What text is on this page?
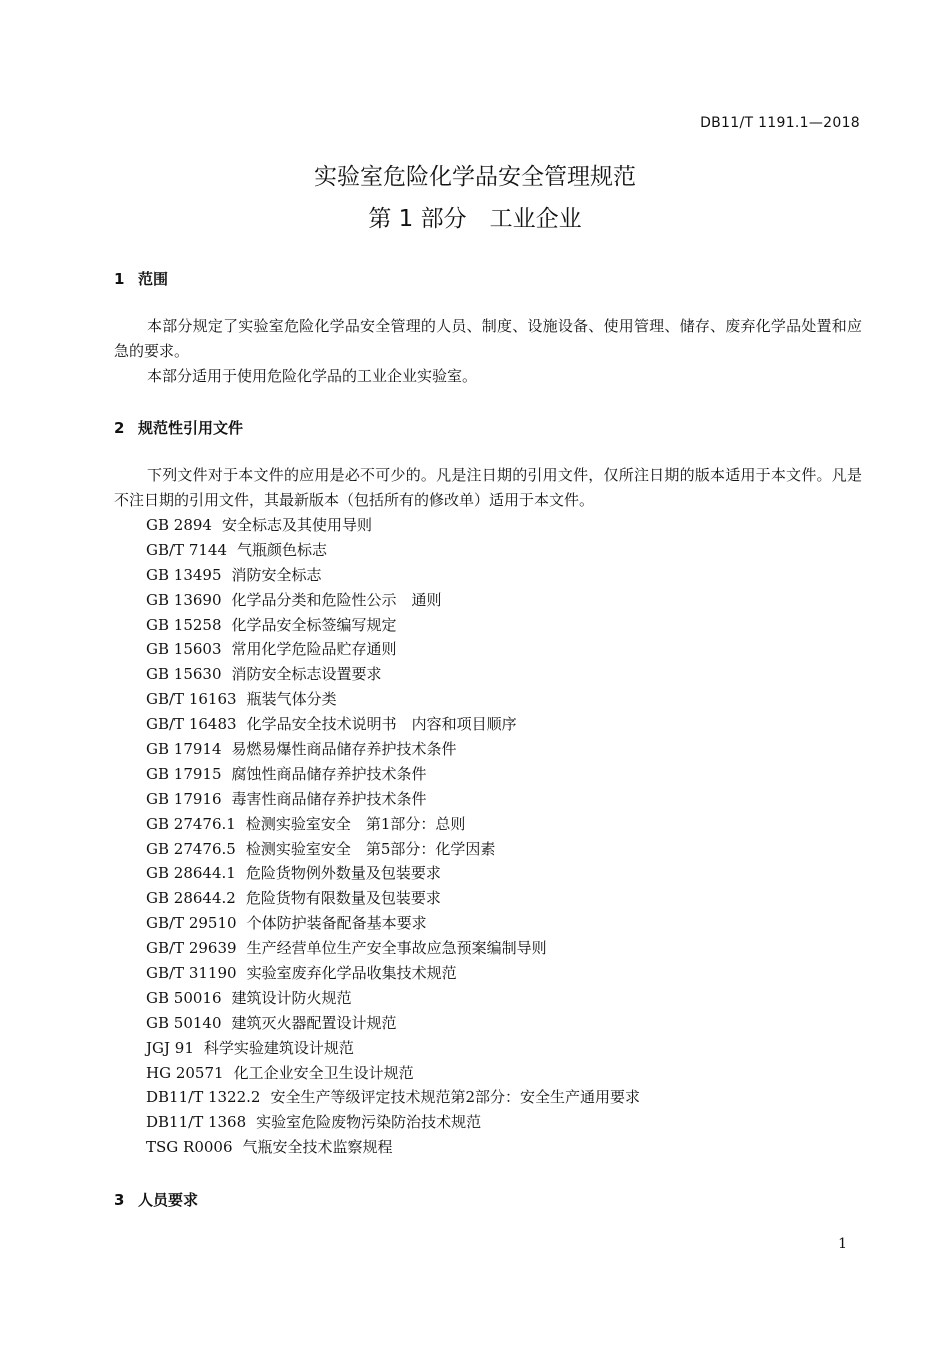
DB11/T 1191.1—2018
实验室危险化学品安全管理规范
第 1 部分　工业企业
1 范围

本部分规定了实验室危险化学品安全管理的人员、制度、设施设备、使用管理、储存、废弃化学品处置和应急的要求。

本部分适用于使用危险化学品的工业企业实验室。

2 规范性引用文件

下列文件对于本文件的应用是必不可少的。凡是注日期的引用文件，仅所注日期的版本适用于本文件。凡是不注日期的引用文件，其最新版本（包括所有的修改单）适用于本文件。

GB 2894 安全标志及其使用导则
GB/T 7144 气瓶颜色标志
GB 13495 消防安全标志
GB 13690 化学品分类和危险性公示　通则
GB 15258 化学品安全标签编写规定
GB 15603 常用化学危险品贮存通则
GB 15630 消防安全标志设置要求
GB/T 16163 瓶装气体分类
GB/T 16483 化学品安全技术说明书　内容和项目顺序
GB 17914 易燃易爆性商品储存养护技术条件
GB 17915 腐蚀性商品储存养护技术条件
GB 17916 毒害性商品储存养护技术条件
GB 27476.1 检测实验室安全　第1部分：总则
GB 27476.5 检测实验室安全　第5部分：化学因素
GB 28644.1 危险货物例外数量及包装要求
GB 28644.2 危险货物有限数量及包装要求
GB/T 29510 个体防护装备配备基本要求
GB/T 29639 生产经营单位生产安全事故应急预案编制导则
GB/T 31190 实验室废弃化学品收集技术规范
GB 50016 建筑设计防火规范
GB 50140 建筑灭火器配置设计规范
JGJ 91 科学实验建筑设计规范
HG 20571 化工企业安全卫生设计规范
DB11/T 1322.2 安全生产等级评定技术规范第2部分：安全生产通用要求
DB11/T 1368 实验室危险废物污染防治技术规范
TSG R0006 气瓶安全技术监察规程
3 人员要求
1
